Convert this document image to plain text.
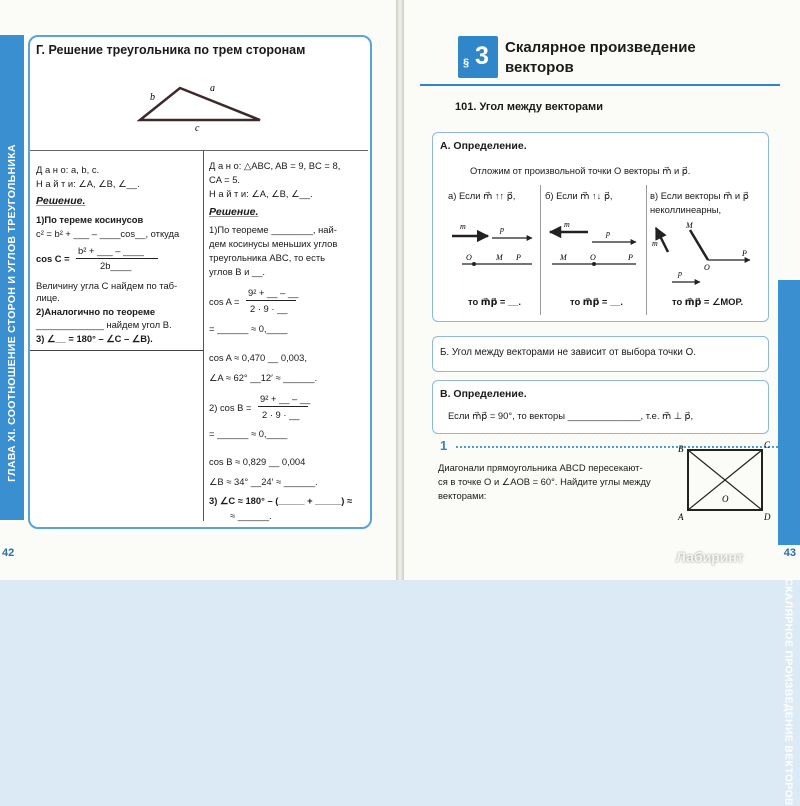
ГЛАВА XI. СООТНОШЕНИЕ СТОРОН И УГЛОВ ТРЕУГОЛЬНИКА
42
Г. Решение треугольника по трем сторонам
b
a
c
Д а н о: a, b, c.
Н а й т и: ∠A, ∠B, ∠__.
Решение.
1)По тереме косинусов
c² = b² + ___ – ____cos__, откуда
cos C =
b² + ___ – ____
2b____
Величину угла C найдем по таб-
лице.
2)Аналогично по теореме
_____________ найдем угол B.
3) ∠__ = 180° – ∠C – ∠B).
Д а н о: △ABC, AB = 9, BC = 8,
CA = 5.
Н а й т и: ∠A, ∠B, ∠__.
Решение.
1)По теореме ________, най-
дем косинусы меньших углов
треугольника ABC, то есть
углов B и __.
cos A =
9² + __ – __
2 · 9 · __
= ______ ≈ 0,____
cos A ≈ 0,470 __ 0,003,
∠A ≈ 62° __12′ ≈ ______.
2) cos B =
9² + __ – __
2 · 9 · __
= ______ ≈ 0,____
cos B ≈ 0,829 __ 0,004
∠B ≈ 34° __24′ ≈ ______.
3) ∠C ≈ 180° – (_____ + _____) ≈
≈ ______.
СКАЛЯРНОЕ ПРОИЗВЕДЕНИЕ ВЕКТОРОВ
43
§ 3 Скалярное произведение
векторов
101. Угол между векторами
А. Определение.
Отложим от произвольной точки O векторы m⃗ и p⃗.
а) Если m⃗ ↑↑ p⃗,	б) Если m⃗ ↑↓ p⃗,	в) Если векторы m⃗ и p⃗
неколлинеарны,
m	p
O	M P
m
p
M	O	P
m
p
M
O
P
то m⃗p⃗ = __.	то m⃗p⃗ = __.	то m⃗p⃗ = ∠MOP.
Б. Угол между векторами не зависит от выбора точки O.
В. Определение.
Если m⃗p⃗ = 90°, то векторы ______________, т.е. m⃗ ⊥ p⃗,
1
Диагонали прямоугольника ABCD пересекают-
ся в точке O и ∠AOB = 60°. Найдите углы между
векторами:
B	C
A	D
O
Лабиринт
